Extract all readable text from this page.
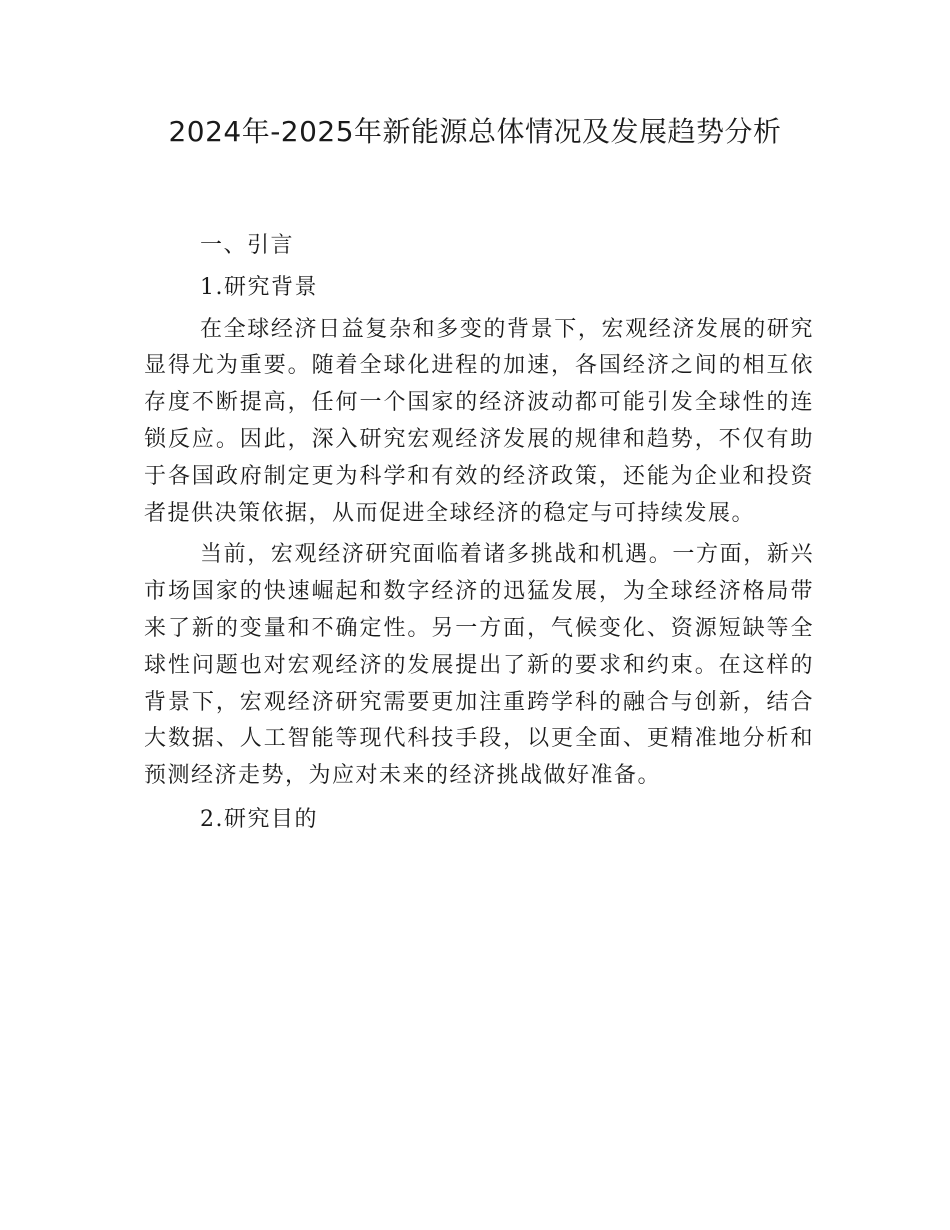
2024年-2025年新能源总体情况及发展趋势分析
一、引言
1.研究背景

在全球经济日益复杂和多变的背景下，宏观经济发展的研究显得尤为重要。随着全球化进程的加速，各国经济之间的相互依存度不断提高，任何一个国家的经济波动都可能引发全球性的连锁反应。因此，深入研究宏观经济发展的规律和趋势，不仅有助于各国政府制定更为科学和有效的经济政策，还能为企业和投资者提供决策依据，从而促进全球经济的稳定与可持续发展。

当前，宏观经济研究面临着诸多挑战和机遇。一方面，新兴市场国家的快速崛起和数字经济的迅猛发展，为全球经济格局带来了新的变量和不确定性。另一方面，气候变化、资源短缺等全球性问题也对宏观经济的发展提出了新的要求和约束。在这样的背景下，宏观经济研究需要更加注重跨学科的融合与创新，结合大数据、人工智能等现代科技手段，以更全面、更精准地分析和预测经济走势，为应对未来的经济挑战做好准备。

2.研究目的
